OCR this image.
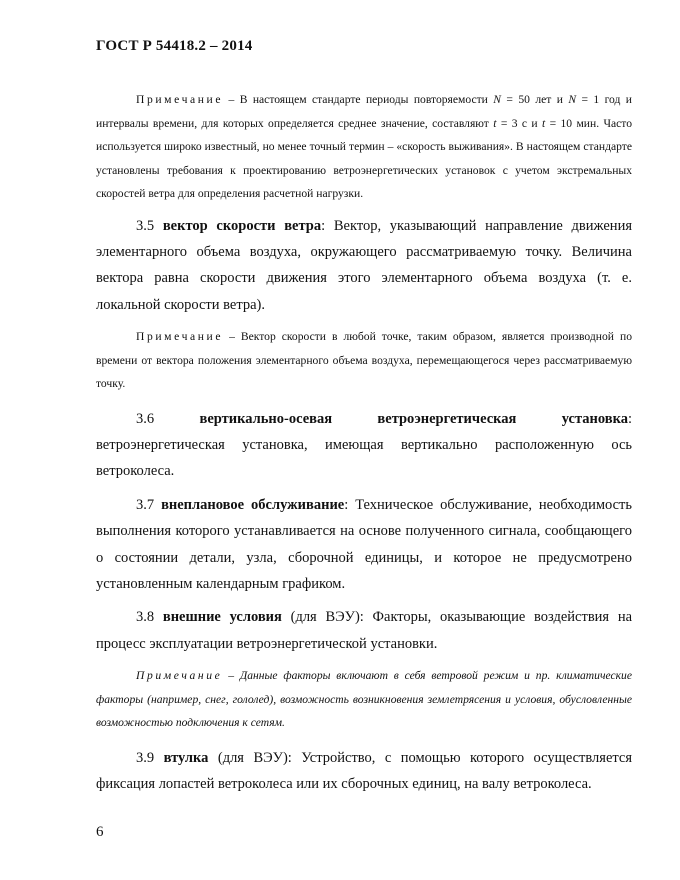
ГОСТ Р 54418.2 – 2014

Примечание – В настоящем стандарте периоды повторяемости N = 50 лет и N = 1 год и интервалы времени, для которых определяется среднее значение, составляют t = 3 с и t = 10 мин. Часто используется широко известный, но менее точный термин – «скорость выживания». В настоящем стандарте установлены требования к проектированию ветроэнергетических установок с учетом экстремальных скоростей ветра для определения расчетной нагрузки.

3.5 вектор скорости ветра: Вектор, указывающий направление движения элементарного объема воздуха, окружающего рассматриваемую точку. Величина вектора равна скорости движения этого элементарного объема воздуха (т. е. локальной скорости ветра).

Примечание – Вектор скорости в любой точке, таким образом, является производной по времени от вектора положения элементарного объема воздуха, перемещающегося через рассматриваемую точку.

3.6 вертикально-осевая ветроэнергетическая установка: ветроэнергетическая установка, имеющая вертикально расположенную ось ветроколеса.

3.7 внеплановое обслуживание: Техническое обслуживание, необходимость выполнения которого устанавливается на основе полученного сигнала, сообщающего о состоянии детали, узла, сборочной единицы, и которое не предусмотрено установленным календарным графиком.

3.8 внешние условия (для ВЭУ): Факторы, оказывающие воздействия на процесс эксплуатации ветроэнергетической установки.

Примечание – Данные факторы включают в себя ветровой режим и пр. климатические факторы (например, снег, гололед), возможность возникновения землетрясения и условия, обусловленные возможностью подключения к сетям.

3.9 втулка (для ВЭУ): Устройство, с помощью которого осуществляется фиксация лопастей ветроколеса или их сборочных единиц, на валу ветроколеса.

6
